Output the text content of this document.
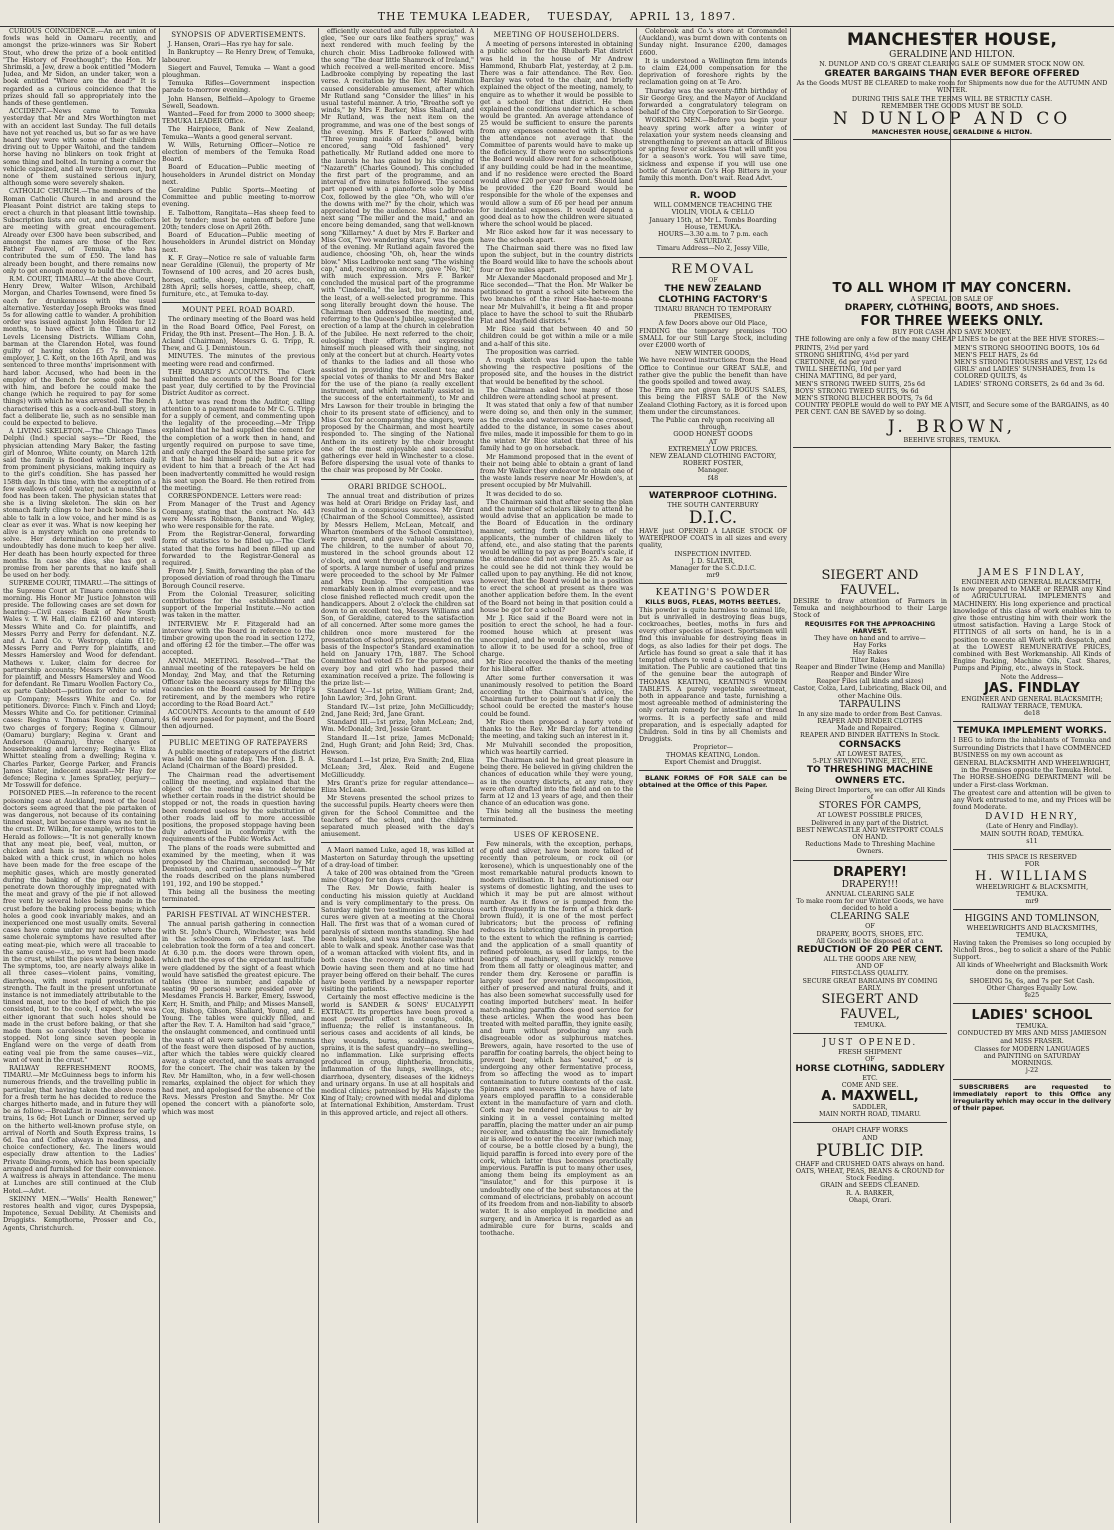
THE TEMUKA LEADER, TUESDAY, APRIL 13, 1897.

CURIOUS COINCIDENCE.—An art union of fowls was held in Oamaru recently, and amongst the prize-winners was Sir Robert Stout, who drew the prize of a book entitled "The History of Freethought"; the Hon. Mr Shrimski, a Jew, drew a book entitled "Modern Judea, and Mr Sidon, an under taker, won a book entitled "Where are the dead?" It is regarded as a curious coincidence that the prizes should fall so appropriately into the hands of these gentlemen.

ACCIDENT.—News came to Temuka yesterday that Mr and Mrs Worthington met with an accident last Sunday. The full details have not yet reached us, but so far as we have heard they were with some of their children driving out to Upper Waitohi, and the tandem horse having no blinkers on took fright at some thing and bolted. In turning a corner the vehicle capsized, and all were thrown out, but none of them sustained serious injury, although some were severely shaken.

CATHOLIC CHURCH.—The members of the Roman Catholic Church in and around the Pleasant Point district are taking steps to erect a church in that pleasant little township. Subscription lists are out, and the collectors are meeting with great encouragement. Already over £300 have been subscribed, and amongst the names are those of the Rev. Father Fauvel, of Temuka, who has contributed the sum of £50. The land has already been bought, and there remains now only to get enough money to build the church.

R.M. COURT, TIMARU.—At the above Court, Henry Drew, Walter Wilson, Archibald Morgan, and Charles Townsend, were fined 5s each for drunkenness with the usual alternative. Yesterday Joseph Brooks was fined 5s for allowing cattle to wander. A prohibition order was issued against John Holden for 12 months, to have effect in the Timaru and Levels Licensing Districts. William Cohn, barman at the Clarendon Hotel, was found guilty of having stolen £5 7s from his employer, J. C. Kett, on the 16th April, and was sentenced to three months' imprisonment with hard labor. Accused, who had been in the employ of the Bench for some gold he had with him, and before he could make the change (which he required to pay for some things) with which he was arrested. The Bench characterised this as a cock-and-bull story, in fact a deliberate lie, such as no sensible man could be expected to believe.

A LIVING SKELETON.—The Chicago Times Delphi (Ind.) special says:—"Dr Reed, the physician attending Mary Baker, the fasting girl of Monroe, White county, on March 12th said the family is flooded with letters daily from prominent physicians, making inquiry as to the girl's condition. She has passed her 158th day. In this time, with the exception of a few swallows of cold water, not a mouthful of food has been taken. The physician states that she is a living skeleton. The skin on her stomach fairly clings to her back bone. She is able to talk in a low voice, and her mind is as clear as ever it was. What is now keeping her alive is a mystery which no one pretends to solve. Her determination to get well undoubtedly has done much to keep her alive. Her death has been hourly expected for three months. In case she dies, she has got a promise from her parents that no knife shall be used on her body.

SUPREME COURT, TIMARU.—The sittings of the Supreme Court at Timaru commence this morning. His Honor Mr Justice Johnston will preside. The following cases are set down for hearing:—Civil cases: Bank of New South Wales v. T. W. Hall, claim £2160 and interest; Messrs White and Co. for plaintiffs, and Messrs Perry and Perry for defendant. N.Z. and A. Land Co. v. Westropp, claim £110; Messrs Perry and Perry for plaintiffs, and Messrs Hamersley and Wood for defendant. Mathews v. Luker, claim for decree for partnership accounts; Messrs White and Co. for plaintiff, and Messrs Hamersley and Wood for defendant. Re Timaru Woollen Factory Co., ex parte Gabbott—petition for order to wind up Company; Messrs White and Co. for petitioners. Divorce: Finch v. Finch and Lloyd; Messrs White and Co. for petitioner. Criminal cases: Regina v. Thomas Rooney (Oamaru), two charges of forgery; Regina v. Gilmour (Oamaru) burglary; Regina v. Grant and Anderson (Oamaru), three charges of housebreaking and larceny; Regina v. Eliza Whittet stealing from a dwelling; Regina v. Charles Parker, George Parker, and Francis James Slater, indecent assault—Mr Hay for defence; Regina v. James Spratley, perjury—Mr Tosswill for defence.

POISONED PIES.—In reference to the recent poisoning case at Auckland, most of the local doctors seem agreed that the pie partaken of was dangerous, not because of its containing tinned meat, but because there was no tent in the crust. Dr. Wilkin, for example, writes to the Herald as follows:—"It is not generally known that any meat pie, beef, veal, mutton, or chicken and ham is most dangerous when baked with a thick crust, in which no holes have been made for the free escape of the mephitic gases, which are mostly generated during the baking of the pie, and which penetrate down thoroughly impregnated with the meat and gravy of the pie if not allowed free vent by several holes being made in the crust before the baking process begins; which holes a good cook invariably makes, and an inexperienced one most usually omits. Several cases have come under my notice where the same choleraic symptoms have resulted after eating meat-pie, which were all traceable to the same cause—viz., no vent had been made in the crust, whilst the pies were being baked. The symptoms, too, are nearly always alike in all three cases—violent pains, vomiting, diarrhoea, with most rapid prostration of strength. The fault in the present unfortunate instance is not immediately attributable to the tinned meat, nor to the beef of which the pie consisted, but to the cook, I expect, who was either ignorant that such holes should be made in the crust before baking, or that she made them so carelessly that they became stopped. Not long since seven people in England were on the verge of death from eating veal pie from the same causes—viz., want of vent in the crust."

RAILWAY REFRESHMENT ROOMS, TIMARU.—Mr McGuinness begs to inform his numerous friends, and the travelling public in particular, that having taken the above rooms for a fresh term he has decided to reduce the charges hitherto made, and in future they will be as follow:—Breakfast in readiness for early trains, 1s 6d; Hot Lunch or Dinner, served up on the hitherto well-known profuse style, on arrival of North and South Express trains, 1s 6d. Tea and Coffee always in readiness, and choice confectionery, &c. The liners would especially draw attention to the Ladies' Private Dining-room, which has been specially arranged and furnished for their convenience. A waitress is always in attendance. The menu at Lunches are still continued at the Club Hotel.—Advt.

SKINNY MEN.—"Wells' Health Renewer," restores health and vigor, cures Dyspepsia, Impotence, Sexual Debility. At Chemists and Druggists. Kempthorne, Prosser and Co., Agents, Christchurch.

SYNOPSIS OF ADVERTISEMENTS.

J. Hansen, Orari—Has rye hay for sale.

In Bankruptcy — Re Henry Drew, of Temuka, labourer.

Siegert and Fauvel, Temuka — Want a good ploughman.

Temuka Rifles—Government inspection parade to-morrow evening.

John Hansen, Belfield—Apology to Graeme Sewell, Seadown.

Wanted—Feed for from 2000 to 3000 sheep; TEMUKA LEADER Office.

The Hairpiece, Bank of New Zealand, Temuka—Wants a good general servant.

W. Wills, Returning Officer—Notice re election of members of the Temuka Road Board.

Board of Education—Public meeting of householders in Arundel district on Monday next.

Geraldine Public Sports—Meeting of Committee and public meeting to-morrow evening.

E. Talbottom, Rangitata—Has sheep feed to let by tender; must be eaten off before June 20th; tenders close on April 26th.

Board of Education—Public meeting of householders in Arundel district on Monday next.

K. F. Gray—Notice re sale of valuable farm near Geraldine (Glenui), the property of Mr Townsend of 100 acres, and 20 acres bush, horses, cattle, sheep, implements, etc., on 28th April; sells horses, cattle, sheep, chaff, furniture, etc., at Temuka to-day.

MOUNT PEEL ROAD BOARD.

The ordinary meeting of the Board was held in the Road Board Office, Peel Forest, on Friday, the 9th inst. Present—The Hon. J. B. A. Acland (Chairman), Messrs G. G. Tripp, R. Thew, and G. J. Dennistoun.

MINUTES. The minutes of the previous meeting were read and confirmed.

THE BOARD'S ACCOUNTS. The Clerk submitted the accounts of the Board for the past year, duly certified to by the Provincial District Auditor as correct.

A letter was read from the Auditor, calling attention to a payment made to Mr C. G. Tripp for a supply of cement, and commenting upon the legality of the proceeding.—Mr Tripp explained that he had supplied the cement for the completion of a work then in hand, and urgently required on purpose to save time, and only charged the Board the same price for it that he had himself paid; but as it was evident to him that a breach of the Act had been inadvertently committed he would resign his seat upon the Board. He then retired from the meeting.

CORRESPONDENCE. Letters were read:

From Manager of the Trust and Agency Company, stating that the contract No. 443 were Messrs Robinson, Banks, and Wigley, who were responsible for the rate.

From the Registrar-General, forwarding form of statistics to be filled up.—The Clerk stated that the forms had been filled up and forwarded to the Registrar-General as required.

From Mr J. Smith, forwarding the plan of the proposed deviation of road through the Timaru Borough Council reserve.

From the Colonial Treasurer, soliciting contributions for the establishment and support of the Imperial Institute.—No action was taken in the matter.

INTERVIEW. Mr F. Fitzgerald had an interview with the Board in reference to the timber growing upon the road in section 1272, and offering £2 for the timber.—The offer was accepted.

ANNUAL MEETING. Resolved—"That the annual meeting of the ratepayers be held on Monday, 2nd May, and that the Returning Officer take the necessary steps for filling the vacancies on the Board caused by Mr Tripp's retirement, and by the members who retire according to the Road Board Act."

ACCOUNTS. Accounts to the amount of £49 4s 6d were passed for payment, and the Board then adjourned.

PUBLIC MEETING OF RATEPAYERS

A public meeting of ratepayers of the district was held on the same day. The Hon. J. B. A. Acland (Chairman of the Board) presided.

The Chairman read the advertisement calling the meeting, and explained that the object of the meeting was to determine whether certain roads in the district should be stopped or not, the roads in question having been rendered useless by the substitution of other roads laid off to more accessible positions, the proposed stoppage having been duly advertised in conformity with the requirements of the Public Works Act.

The plans of the roads were submitted and examined by the meeting, when it was proposed by the Chairman, seconded by Mr Dennistoun, and carried unanimously—"That the roads described on the plans numbered 191, 192, and 190 be stopped."

This being all the business the meeting terminated.

PARISH FESTIVAL AT WINCHESTER.

The annual parish gathering in connection with St. John's Church, Winchester, was held in the schoolroom on Friday last. The celebration took the form of a tea and concert. At 6.30 p.m. the doors were thrown open, which met the eyes of the expectant multitude were gladdened by the sight of a feast which would have satisfied the greatest epicure. The tables (three in number, and capable of seating 90 persons) were presided over by Mesdames Francis H. Barker, Emery, Isswood, Kerr, H. Smith, and Philp; and Misses Mansell, Cox, Bishop, Gibson, Shallard, Young, and E. Young. The tables were quickly filled, and after the Rev. T. A. Hamilton had said "grace," the onslaught commenced, and continued until the wants of all were satisfied. The remnants of the feast were then disposed of by auction, after which the tables were quickly cleared away, a stage erected, and the seats arranged for the concert. The chair was taken by the Rev. Mr Hamilton, who, in a few well-chosen remarks, explained the object for which they had met, and apologised for the absence of the Revs. Messrs Preston and Smythe. Mr Cox opened the concert with a pianoforte solo, which was most

efficiently executed and fully appreciated. A glee, "See our oars like feathers spray," was next rendered with much feeling by the church choir. Miss Ladbrooke followed with the song "The dear little Shamrock of Ireland," which received a well-merited encore. Miss Ladbrooke complying by repeating the last verse. A recitation by the Rev. Mr Hamilton caused considerable amusement, after which Mr Rutland sang "Consider the lilies" in his usual tasteful manner. A trio, "Breathe soft ye winds," by Mrs F. Barker, Miss Shallard, and Mr Rutland, was the next item on the programme, and was one of the best songs of the evening. Mrs F. Barker followed with "Three young maids of Leeds," and, being encored, sang "Old fashioned" very pathetically. Mr Rutland added one more to the laurels he has gained by his singing of "Nazareth" (Charles Gounod). This concluded the first part of the programme, and an interval of five minutes followed. The second part opened with a pianoforte solo by Miss Cox, followed by the glee "Oh, who will o'er the downs with me?" by the choir, which was appreciated by the audience. Miss Ladbrooke next sang "The miller and the maid," and an encore being demanded, sang that well-known song "Killarney." A duet by Mrs F. Barker and Miss Cox, "Two wandering stars," was the gem of the evening. Mr Rutland again favored the audience, choosing "Oh, oh, hear the winds blow." Miss Ladbrooke next sang "The wishing cap," and, receiving an encore, gave "No, Sir," with much expression. Mrs F. Barker concluded the musical part of the programme with "Cinderella," the last, but by no means the least, of a well-selected programme. This song literally brought down the house. The Chairman then addressed the meeting, and, referring to the Queen's Jubilee, suggested the erection of a lamp at the church in celebration of the Jubilee. He next referred to the choir, eulogising their efforts, and expressing himself much pleased with their singing, not only at the concert but at church. Hearty votes of thanks to the ladies and all those who assisted in providing the excellent tea; and special votes of thanks to Mr and Mrs Baker for the use of the piano (a really excellent instrument, and which materially assisted in the success of the entertainment), to Mr and Mrs Lawson for their trouble in bringing the choir to its present state of efficiency, and to Miss Cox for accompanying the singers, were proposed by the Chairman, and most heartily responded to. The singing of the National Anthem in its entirety by the choir brought one of the most enjoyable and successful gatherings ever held in Winchester to a close. Before dispersing the usual vote of thanks to the chair was proposed by Mr Cooke.

ORARI BRIDGE SCHOOL.

The annual treat and distribution of prizes was held at Orari Bridge on Friday last, and resulted in a conspicuous success. Mr Grant (Chairman of the School Committee), assisted by Messrs Hellem, McLean, Metcalf, and Wharton (members of the School Committee), were present, and gave valuable assistance. The children, to the number of about 70, mustered in the school grounds about 12 o'clock, and went through a long programme of sports. A large number of useful and prizes were proceeded to the school by Mr Palmer and Mrs Dunlop. The competition was remarkably keen in almost every case, and the close finished reflected much credit upon the handicappers. About 2 o'clock the children sat down to an excellent tea, Messrs Williams and Son, of Geraldine, catered to the satisfaction of all concerned. After some more games the children once more mustered for the presentation of school prizes, presented on the basis of the Inspector's Standard examination held on January 17th, 1887. The School Committee had voted £5 for the purpose, and every boy and girl who had passed their examination received a prize. The following is the prize list:—

Standard V.—1st prize, William Grant; 2nd, John Lawlor; 3rd, John Grant.

Standard IV.—1st prize, John McGillicuddy; 2nd, Jane Reid; 3rd, Jane Grant.

Standard III.—1st prize, John McLean; 2nd, Wm. McDonald; 3rd, Jessie Grant.

Standard II.—1st prize, James McDonald; 2nd, Hugh Grant; and John Reid; 3rd, Chas. Hewson.

Standard I.—1st prize, Eva Smith; 2nd, Eliza McLean; 3rd, Alex. Reid and Eugene McGillicuddy.

Mrs Grant's prize for regular attendance—Eliza McLean.

Mr Stevens presented the school prizes to the successful pupils. Hearty cheers were then given for the School Committee and the teachers of the school, and the children separated much pleased with the day's amusement.

A Maori named Luke, aged 18, was killed at Masterton on Saturday through the upsetting of a dray-load of timber.

A take of 200 was obtained from the "Green mine (Otago) for ten days crushing.

The Rev. Mr Dowie, faith healer is conducting his mission quietly at Auckland and is very complimentary to the press. On Saturday night two testimonies to miraculous cures were given at a meeting at the Choral Hall. The first was that of a woman cured of paralysis of sixteen months standing. She had been helpless, and was instantaneously made able to walk and speak. Another case was that of a woman attacked with violent fits, and in both cases the recovery took place without Dowie having seen them and at no time had prayer being offered on their behalf. The cures have been verified by a newspaper reporter visiting the patients.

Certainly the most effective medicine is the world is SANDER & SONS' EUCALYPTI EXTRACT. Its properties have been proved a most powerful effect in coughs, colds, influenza; the relief is instantaneous. In serious cases and accidents of all kinds, be they wounds, burns, scaldings, bruises, sprains, it is the safest quandry—no swelling—no inflammation. Like surprising effects produced in croup, diphtheria, bronchitis, inflammation of the lungs, swellings, etc.; diarrhoea, dysentery, diseases of the kidneys and urinary organs. In use at all hospitals and medical clinics; patronised by His Majesty the King of Italy; crowned with medal and diploma at International Exhibition, Amsterdam. Trust in this approved article, and reject all others.

MEETING OF HOUSEHOLDERS.

A meeting of persons interested in obtaining a public school for the Rhubarb Flat district was held in the house of Mr Andrew Hammond, Rhubarb Flat, yesterday, at 2 p.m. There was a fair attendance. The Rev. Geo. Barclay was voted to the chair, and briefly explained the object of the meeting, namely, to enquire as to whether it would be possible to get a school for that district. He then explained the conditions under which a school would be granted. An average attendance of 25 would be sufficient to ensure the parents from any expenses connected with it. Should the attendance not average that the Committee of parents would have to make up the deficiency. If there were no subscriptions the Board would allow rent for a schoolhouse, if any building could be had in the meantime, and if no residence were erected the Board would allow £20 per year for rent. Should land be provided the £20 Board would be responsible for the whole of the expenses and would allow a sum of £6 per head per annum for incidental expenses. It would depend a good deal as to how the children were situated where the school would be placed.

Mr Rice asked how far it was necessary to have the schools apart.

The Chairman said there was no fixed law upon the subject, but in the country districts the Board would like to have the schools about four or five miles apart.

Mr Alexander Macdonald proposed and Mr J. Rice seconded—"That the Hon. Mr Walker be petitioned to grant a school site between the two branches of the river Hae-hae-te-moana near Mr Mulvahill's, it being a fit and proper place to have the school to suit the Rhubarb Flat and Mayfield districts."

Mr Rice said that between 40 and 50 children could be got within a mile or a mile and a-half of this site.

The proposition was carried.

A rough sketch was laid upon the table showing the respective positions of the proposed site, and the houses in the district that would be benefited by the school.

The Chairman asked how many of those children were attending school at present.

It was stated that only a few of that number were doing so, and then only in the summer, as the creeks and watercourses to be crossed, added to the distance, in some cases about five miles, made it impossible for them to go in the winter. Mr Rice stated that three of his family had to go on horseback.

Mr Hammond proposed that in the event of their not being able to obtain a grant of land from Mr Walker they endeavor to obtain one of the waste lands reserve near Mr Howden's, at present occupied by Mr Mulvahill.

It was decided to do so.

The Chairman said that after seeing the plan and the number of scholars likely to attend he would advise that an application be made to the Board of Education in the ordinary manner, setting forth the names of the applicants, the number of children likely to attend, etc., and also stating that the parents would be willing to pay as per Board's scale, if the attendance did not average 25. As far as he could see he did not think they would be called upon to pay anything. He did not know, however, that the Board would be in a position to erect the school at present as there was another application before them. In the event of the Board not being in that position could a house be got for a school?

Mr J. Rice said if the Board were not in position to erect the school, he had a four-roomed house which at present was unoccupied, and he would be only too willing to allow it to be used for a school, free of charge.

Mr Rice received the thanks of the meeting for his liberal offer.

After some further conversation it was unanimously resolved to petition the Board according to the Chairman's advice, the Chairman further to point out that if only the school could be erected the master's house could be found.

Mr Rice then proposed a hearty vote of thanks to the Rev. Mr Barclay for attending the meeting, and taking such an interest in it.

Mr Mulvahill seconded the proposition, which was heartily carried.

The Chairman said he had great pleasure in being there. He believed in giving children the chances of education while they were young, as in the country districts, at any rate, they were often drafted into the field and on to the farm at 12 and 13 years of age, and then their chance of an education was gone.

This being all the business the meeting terminated.

USES OF KEROSENE.

Few minerals, with the exception, perhaps, of gold and silver, have been more talked of recently than petroleum, or rock oil (or kerosene), which is unquestionably one of the most remarkable natural products known to modern civilisation. It has revolutionised our systems of domestic lighting, and the uses to which it may be put are almost without number. As it flows or is pumped from the earth (frequently in the form of a thick dark-brown fluid), it is one of the most perfect lubricators; but the process of refining reduces its lubricating qualities in proportion to the extent to which the refining is carried; and the application of a small quantity of refined petroleum, as used for lamps, to the bearings of machinery, will quickly remove from them all fatty or oleaginous matter, and render them dry. Kerosene or paraffin is largely used for preventing decomposition, either of preserved and natural fruits, and it has also been somewhat successfully used for coating imported butchers' meat. In heifer match-making paraffin does good service for these articles. When the wood has been treated with melted paraffin, they ignite easily, and burn without producing any such disagreeable odor as sulphurous matches. Brewers, again, have resorted to the use of paraffin for coating barrels, the object being to prevent beer, which has "soured," or is undergoing any other fermentative process, from so affecting the wood as to impart contamination to future contents of the cask. Spinners and weavers likewise have of late years employed paraffin to a considerable extent in the manufacture of yarn and cloth. Cork may be rendered impervious to air by sinking it in a vessel containing melted paraffin, placing the matter under an air pump receiver, and exhausting the air. Immediately air is allowed to enter the receiver (which may, of course, be a bottle closed by a bung), the liquid paraffin is forced into every pore of the cork, which latter thus becomes practically impervious. Paraffin is put to many other uses, among them being its employment as an "insulator," and for this purpose it is undoubtedly one of the best substances at the command of electricians, probably on account of its freedom from and non-liability to absorb water. It is also employed in medicine and surgery, and in America it is regarded as an admirable cure for burns, scalds and toothache.

Colebrook and Co.'s store at Coromandel (Auckland), was burnt down with contents on Sunday night. Insurance £200, damages £600.

It is understood a Wellington firm intends to claim £24,000 compensation for the deprivation of foreshore rights by the reclamation going on at Te Aro.

Thursday was the seventy-fifth birthday of Sir George Grey, and the Mayor of Auckland forwarded a congratulatory telegram on behalf of the City Corporation to Sir George.

WORKING MEN.—Before you begin your heavy spring work after a winter of relaxation your system needs cleansing and strengthening to prevent an attack of Bilious or spring fever or sickness that will unfit you for a season's work. You will save time, sickness and expense if you will use one bottle of American Co's Hop Bitters in your family this month. Don't wait. Read Advt.

R. WOOD
WILL COMMENCE TEACHING THE
VIOLIN, VIOLA & CELLO
January 15th, at Mr L. Tombs Boarding House, TEMUKA.
HOURS—3.30 a.m. to 7 p.m. each SATURDAY.
Timaru Address—No 2, Jessy Ville,
REMOVAL
OF
THE NEW ZEALAND CLOTHING FACTORY'S
TIMARU BRANCH TO TEMPORARY PREMISES,
A few Doors above our Old Place,

FINDING the temporary premises TOO SMALL for our Still Large Stock, including over £2000 worth of

NEW WINTER GOODS,

We have received instructions from the Head Office to Continue our GREAT SALE, and rather give the public the benefit than have the goods spoiled and towed away.

The Firm are not given to BOGUS SALES, this being the FIRST SALE of the New Zealand Clothing Factory, as it is forced upon them under the circumstances.

The Public can rely upon receiving all through,
GOOD HONEST GOODS
AT
EXTREMELY LOW PRICES.
NEW ZEALAND CLOTHING FACTORY,
ROBERT FOSTER,
Manager.
f48
WATERPROOF CLOTHING.
THE SOUTH CANTERBURY
D.I.C.

HAVE just OPENED A LARGE STOCK OF WATERPROOF COATS in all sizes and every quality,

INSPECTION INVITED.
J. D. SLATER,
Manager for the S.C.D.I.C.
mr9
KEATING'S POWDER
KILLS BUGS, FLEAS, MOTHS BEETLES.

This powder is quite harmless to animal life, but is unrivalled in destroying fleas bugs, cockroaches, beetles, moths in furs and every other species of insect. Sportsmen will find this invaluable for destroying fleas in dogs, as also ladies for their pet dogs. The Article has found so great a sale that it has tempted others to vend a so-called article in imitation. The Public are cautioned that tins of the genuine bear the autograph of THOMAS KEATING, KEATING'S WORM TABLETS. A purely vegetable sweetmeat, both in appearance and taste, furnishing a most agreeable method of administering the only certain remedy for intestinal or thread worms. It is a perfectly safe and mild preparation, and is especially adapted for Children. Sold in tins by all Chemists and Druggists.

Proprietor—
THOMAS KEATING, London.
Export Chemist and Druggist.

BLANK FORMS OF FOR SALE can be obtained at the Office of this Paper.

MANCHESTER HOUSE,
GERALDINE AND HILTON.

N. DUNLOP AND CO.'S GREAT CLEARING SALE OF SUMMER STOCK NOW ON.

GREATER BARGAINS THAN EVER BEFORE OFFERED

As the Goods MUST BE CLEARED to make room for Shipments now due for the AUTUMN AND WINTER.

DURING THIS SALE THE TERMS WILL BE STRICTLY CASH.
REMEMBER THE GOODS MUST BE SOLD.
N DUNLOP AND CO
MANCHESTER HOUSE, GERALDINE & HILTON.
TO ALL WHOM IT MAY CONCERN.
A SPECIAL JOB SALE OF
DRAPERY, CLOTHING, BOOTS, AND SHOES.
FOR THREE WEEKS ONLY.
BUY FOR CASH AND SAVE MONEY.

THE following are only a few of the many CHEAP LINES to be got at the BEE HIVE STORES:—

PRINTS, 2½d per yard
STRONG SHIRTING, 4½d per yard
CRETONNE, 6d per yard
TWILL SHEETING, 10d per yard
CHINA MATTING, 8d per yard,
MEN'S STRONG TWEED SUITS, 25s 6d
BOYS' STRONG TWEED SUITS, 9s 6d
MEN'S STRONG BLUCHER BOOTS, 7s 6d
MEN'S STRONG SHOOTING BOOTS, 10s 6d
MEN'S FELT HATS, 2s 6d
MEN'S STRONG TROUSERS and VEST, 12s 6d
GIRLS' and LADIES' SUNSHADES, from 1s
COLORED QUILTS, 4s
LADIES' STRONG CORSETS, 2s 6d and 3s 6d.

COUNTRY PEOPLE would do well to PAY ME A VISIT, and Secure some of the BARGAINS, as 40 PER CENT. CAN BE SAVED by so doing.

J. BROWN,
BEEHIVE STORES, TEMUKA.
SIEGERT AND FAUVEL.

DESIRE to draw attention of Farmers in Temuka and neighbourhood to their Large Stock of

REQUISITES FOR THE APPROACHING HARVEST.
They have on hand and to arrive—
Hay Forks
Hay Rakes
Tilter Rakes
Reaper and Binder Twine (Hemp and Manilla)
Reaper and Binder Wire
Reaper Files (all kinds and sizes)
Castor, Colza, Lard, Lubricating, Black Oil, and other Machine Oils.
TARPAULINS
In any size made to order from Best Canvas.
REAPER AND BINDER CLOTHS
Made and Repaired.
REAPER AND BINDER BATTENS In Stock.
CORNSACKS
AT LOWEST RATES,
5-PLY SEWING TWINE, ETC., ETC.
TO THRESHING MACHINE OWNERS ETC.
Being Direct Importers, we can offer All Kinds of
STORES FOR CAMPS,
AT LOWEST POSSIBLE PRICES,
Delivered in any part of the District.
BEST NEWCASTLE AND WESTPORT COALS ON HAND.
Reductions Made to Threshing Machine Owners.
DRAPERY!
DRAPERY!!!
ANNUAL CLEARING SALE
To make room for our Winter Goods, we have decided to hold a
CLEARING SALE
OF
DRAPERY, BOOTS, SHOES, ETC.
All Goods will be disposed of at a
REDUCTION OF 20 PER CENT.
ALL THE GOODS ARE NEW,
AND OF
FIRST-CLASS QUALITY.
SECURE GREAT BARGAINS BY COMING EARLY.
SIEGERT AND FAUVEL,
TEMUKA.
JUST OPENED.
FRESH SHIPMENT
OF
HORSE CLOTHING, SADDLERY
ETC.
COME AND SEE.
A. MAXWELL,
SADDLER,
MAIN NORTH ROAD, TIMARU.
OHAPI CHAFF WORKS
AND
PUBLIC DIP.
CHAFF and CRUSHED OATS always on hand.
OATS, WHEAT, PEAS, BEANS & CROUND for Stock Feeding.
GRAIN and SEEDS CLEANED.
R. A. BARKER,
Ohapi, Orari.
JAMES FINDLAY,
ENGINEER AND GENERAL BLACKSMITH,

Is now prepared to MAKE or REPAIR any Kind of AGRICULTURAL IMPLEMENTS and MACHINERY. His long experience and practical knowledge of this class of work enables him to give those entrusting him with their work the utmost satisfaction. Having a Large Stock of FITTINGS of all sorts on hand, he is in a position to execute all Work with despatch, and at the LOWEST REMUNERATIVE PRICES, combined with Best Workmanship. All Kinds of Engine Packing, Machine Oils, Cast Shares, Pumps and Piping, etc., always in Stock.

Note the Address—
JAS. FINDLAY
ENGINEER AND GENERAL BLACKSMITH;
RAILWAY TERRACE, TEMUKA.
de18
TEMUKA IMPLEMENT WORKS.

I BEG to inform the inhabitants of Temuka and Surrounding Districts that I have COMMENCED BUSINESS on my own account as

GENERAL BLACKSMITH AND WHEELWRIGHT,
in the Premises opposite the Temuka Hotel.

The HORSE-SHOEING DEPARTMENT will be under a First-class Workman.

The greatest care and attention will be given to any Work entrusted to me, and my Prices will be found Moderate.

DAVID HENRY,
(Late of Henry and Findlay).
MAIN SOUTH ROAD, TEMUKA.
s11
THIS SPACE IS RESERVED
FOR
H. WILLIAMS
WHEELWRIGHT & BLACKSMITH,
TEMUKA.
mr9
HIGGINS AND TOMLINSON,
WHEELWRIGHTS AND BLACKSMITHS, TEMUKA,

Having taken the Premises so long occupied by Nicholl Bros., beg to solicit a share of the Public Support.

All kinds of Wheelwright and Blacksmith Work done on the premises.

SHOEING 5s, 6s, and 7s per Set Cash.
Other Charges Equally Low.
fe25
LADIES' SCHOOL
TEMUKA.

CONDUCTED BY MRS AND MISS JAMIESON and MISS FRASER.

Classes for MODERN LANGUAGES
and PAINTING on SATURDAY
MORNINGS.
j-22

SUBSCRIBERS are requested to immediately report to this Office any irregularity which may occur in the delivery of their paper.
